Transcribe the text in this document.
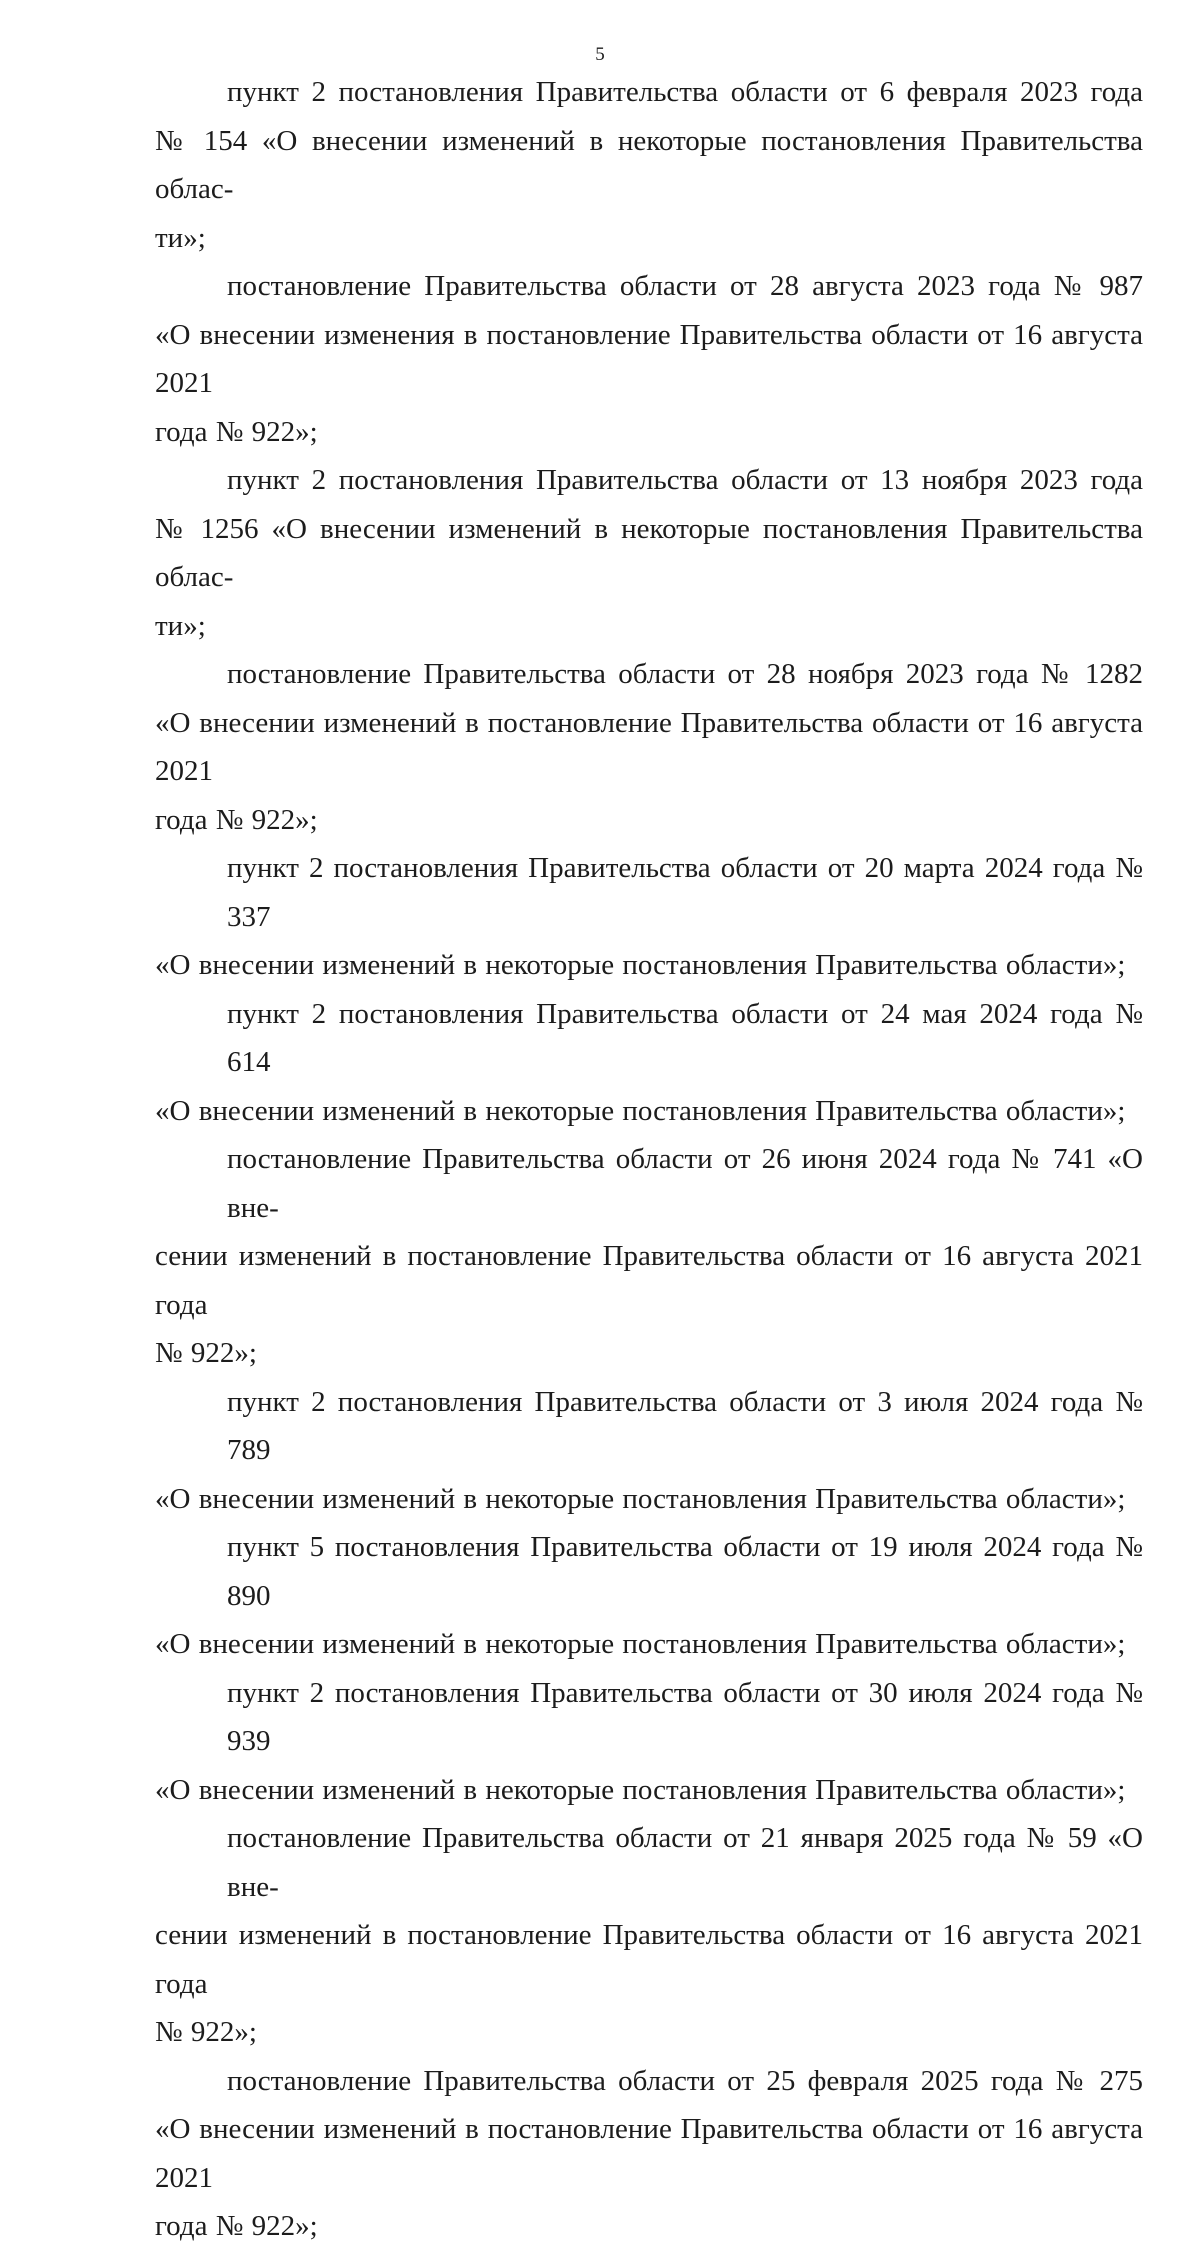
5

пункт 2 постановления Правительства области от 6 февраля 2023 года
№ 154 «О внесении изменений в некоторые постановления Правительства облас-
ти»;

постановление Правительства области от 28 августа 2023 года № 987
«О внесении изменения в постановление Правительства области от 16 августа 2021
года № 922»;

пункт 2 постановления Правительства области от 13 ноября 2023 года
№ 1256 «О внесении изменений в некоторые постановления Правительства облас-
ти»;

постановление Правительства области от 28 ноября 2023 года № 1282
«О внесении изменений в постановление Правительства области от 16 августа 2021
года № 922»;

пункт 2 постановления Правительства области от 20 марта 2024 года № 337
«О внесении изменений в некоторые постановления Правительства области»;

пункт 2 постановления Правительства области от 24 мая 2024 года № 614
«О внесении изменений в некоторые постановления Правительства области»;

постановление Правительства области от 26 июня 2024 года № 741 «О вне-
сении изменений в постановление Правительства области от 16 августа 2021 года
№ 922»;

пункт 2 постановления Правительства области от 3 июля 2024 года № 789
«О внесении изменений в некоторые постановления Правительства области»;

пункт 5 постановления Правительства области от 19 июля 2024 года № 890
«О внесении изменений в некоторые постановления Правительства области»;

пункт 2 постановления Правительства области от 30 июля 2024 года № 939
«О внесении изменений в некоторые постановления Правительства области»;

постановление Правительства области от 21 января 2025 года № 59 «О вне-
сении изменений в постановление Правительства области от 16 августа 2021 года
№ 922»;

постановление Правительства области от 25 февраля 2025 года № 275
«О внесении изменений в постановление Правительства области от 16 августа 2021
года № 922»;
